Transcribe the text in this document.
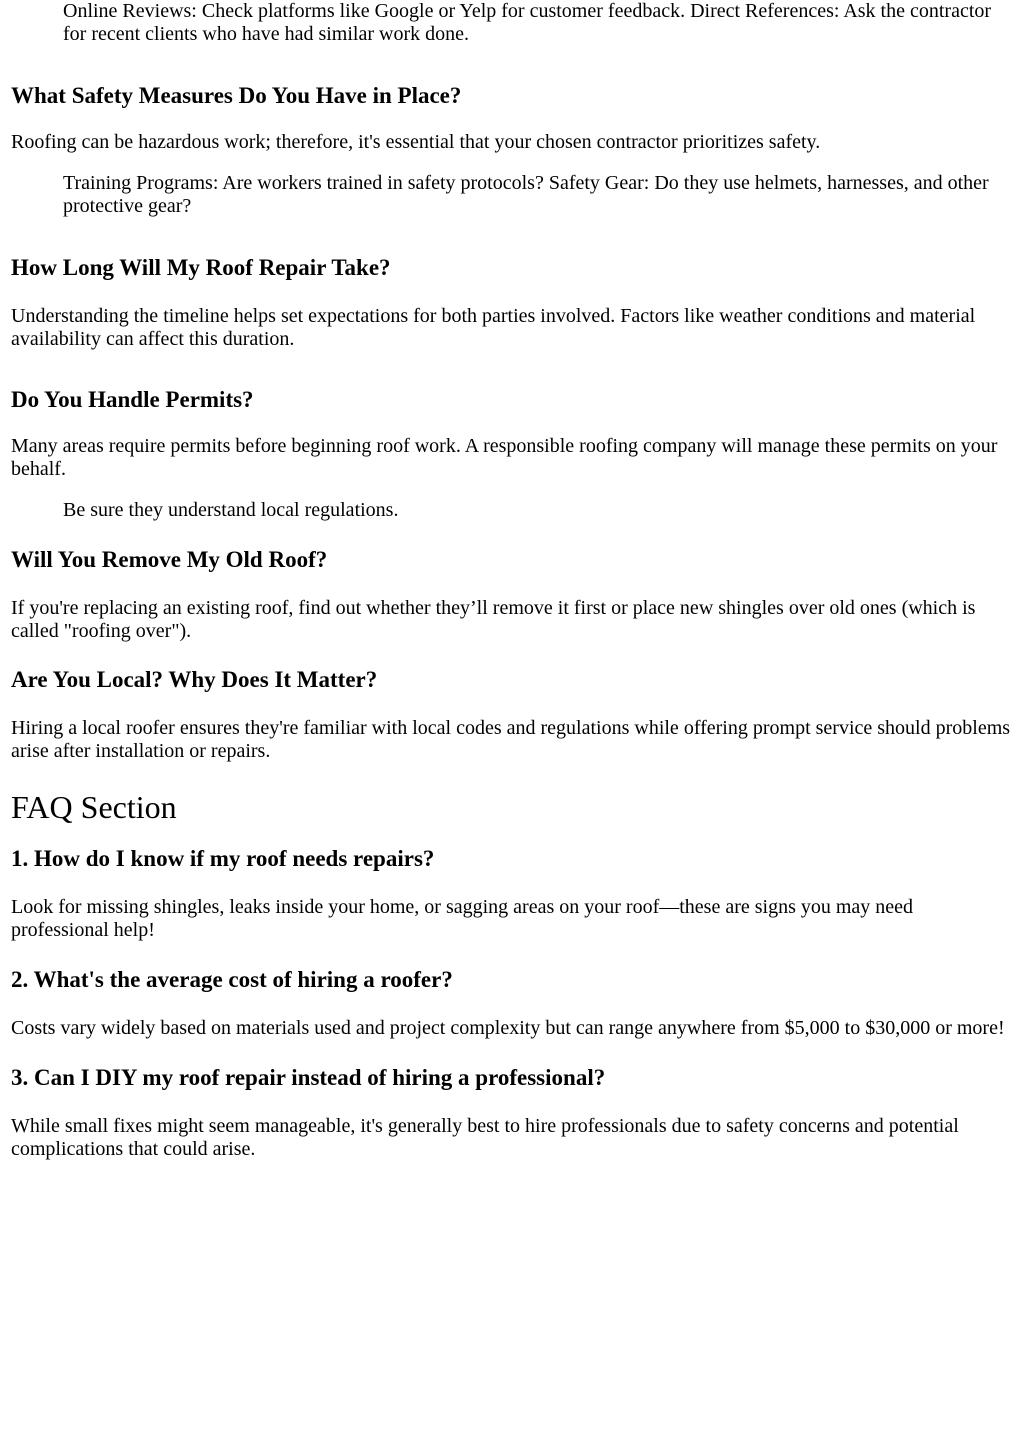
Online Reviews: Check platforms like Google or Yelp for customer feedback. Direct References: Ask the contractor for recent clients who have had similar work done.
What Safety Measures Do You Have in Place?

Roofing can be hazardous work; therefore, it's essential that your chosen contractor prioritizes safety.

Training Programs: Are workers trained in safety protocols? Safety Gear: Do they use helmets, harnesses, and other protective gear?
How Long Will My Roof Repair Take?

Understanding the timeline helps set expectations for both parties involved. Factors like weather conditions and material availability can affect this duration.

Do You Handle Permits?

Many areas require permits before beginning roof work. A responsible roofing company will manage these permits on your behalf.

Be sure they understand local regulations.
Will You Remove My Old Roof?

If you're replacing an existing roof, find out whether they’ll remove it first or place new shingles over old ones (which is called "roofing over").

Are You Local? Why Does It Matter?

Hiring a local roofer ensures they're familiar with local codes and regulations while offering prompt service should problems arise after installation or repairs.

FAQ Section
1. How do I know if my roof needs repairs?

Look for missing shingles, leaks inside your home, or sagging areas on your roof—these are signs you may need professional help!

2. What's the average cost of hiring a roofer?

Costs vary widely based on materials used and project complexity but can range anywhere from $5,000 to $30,000 or more!

3. Can I DIY my roof repair instead of hiring a professional?

While small fixes might seem manageable, it's generally best to hire professionals due to safety concerns and potential complications that could arise.
